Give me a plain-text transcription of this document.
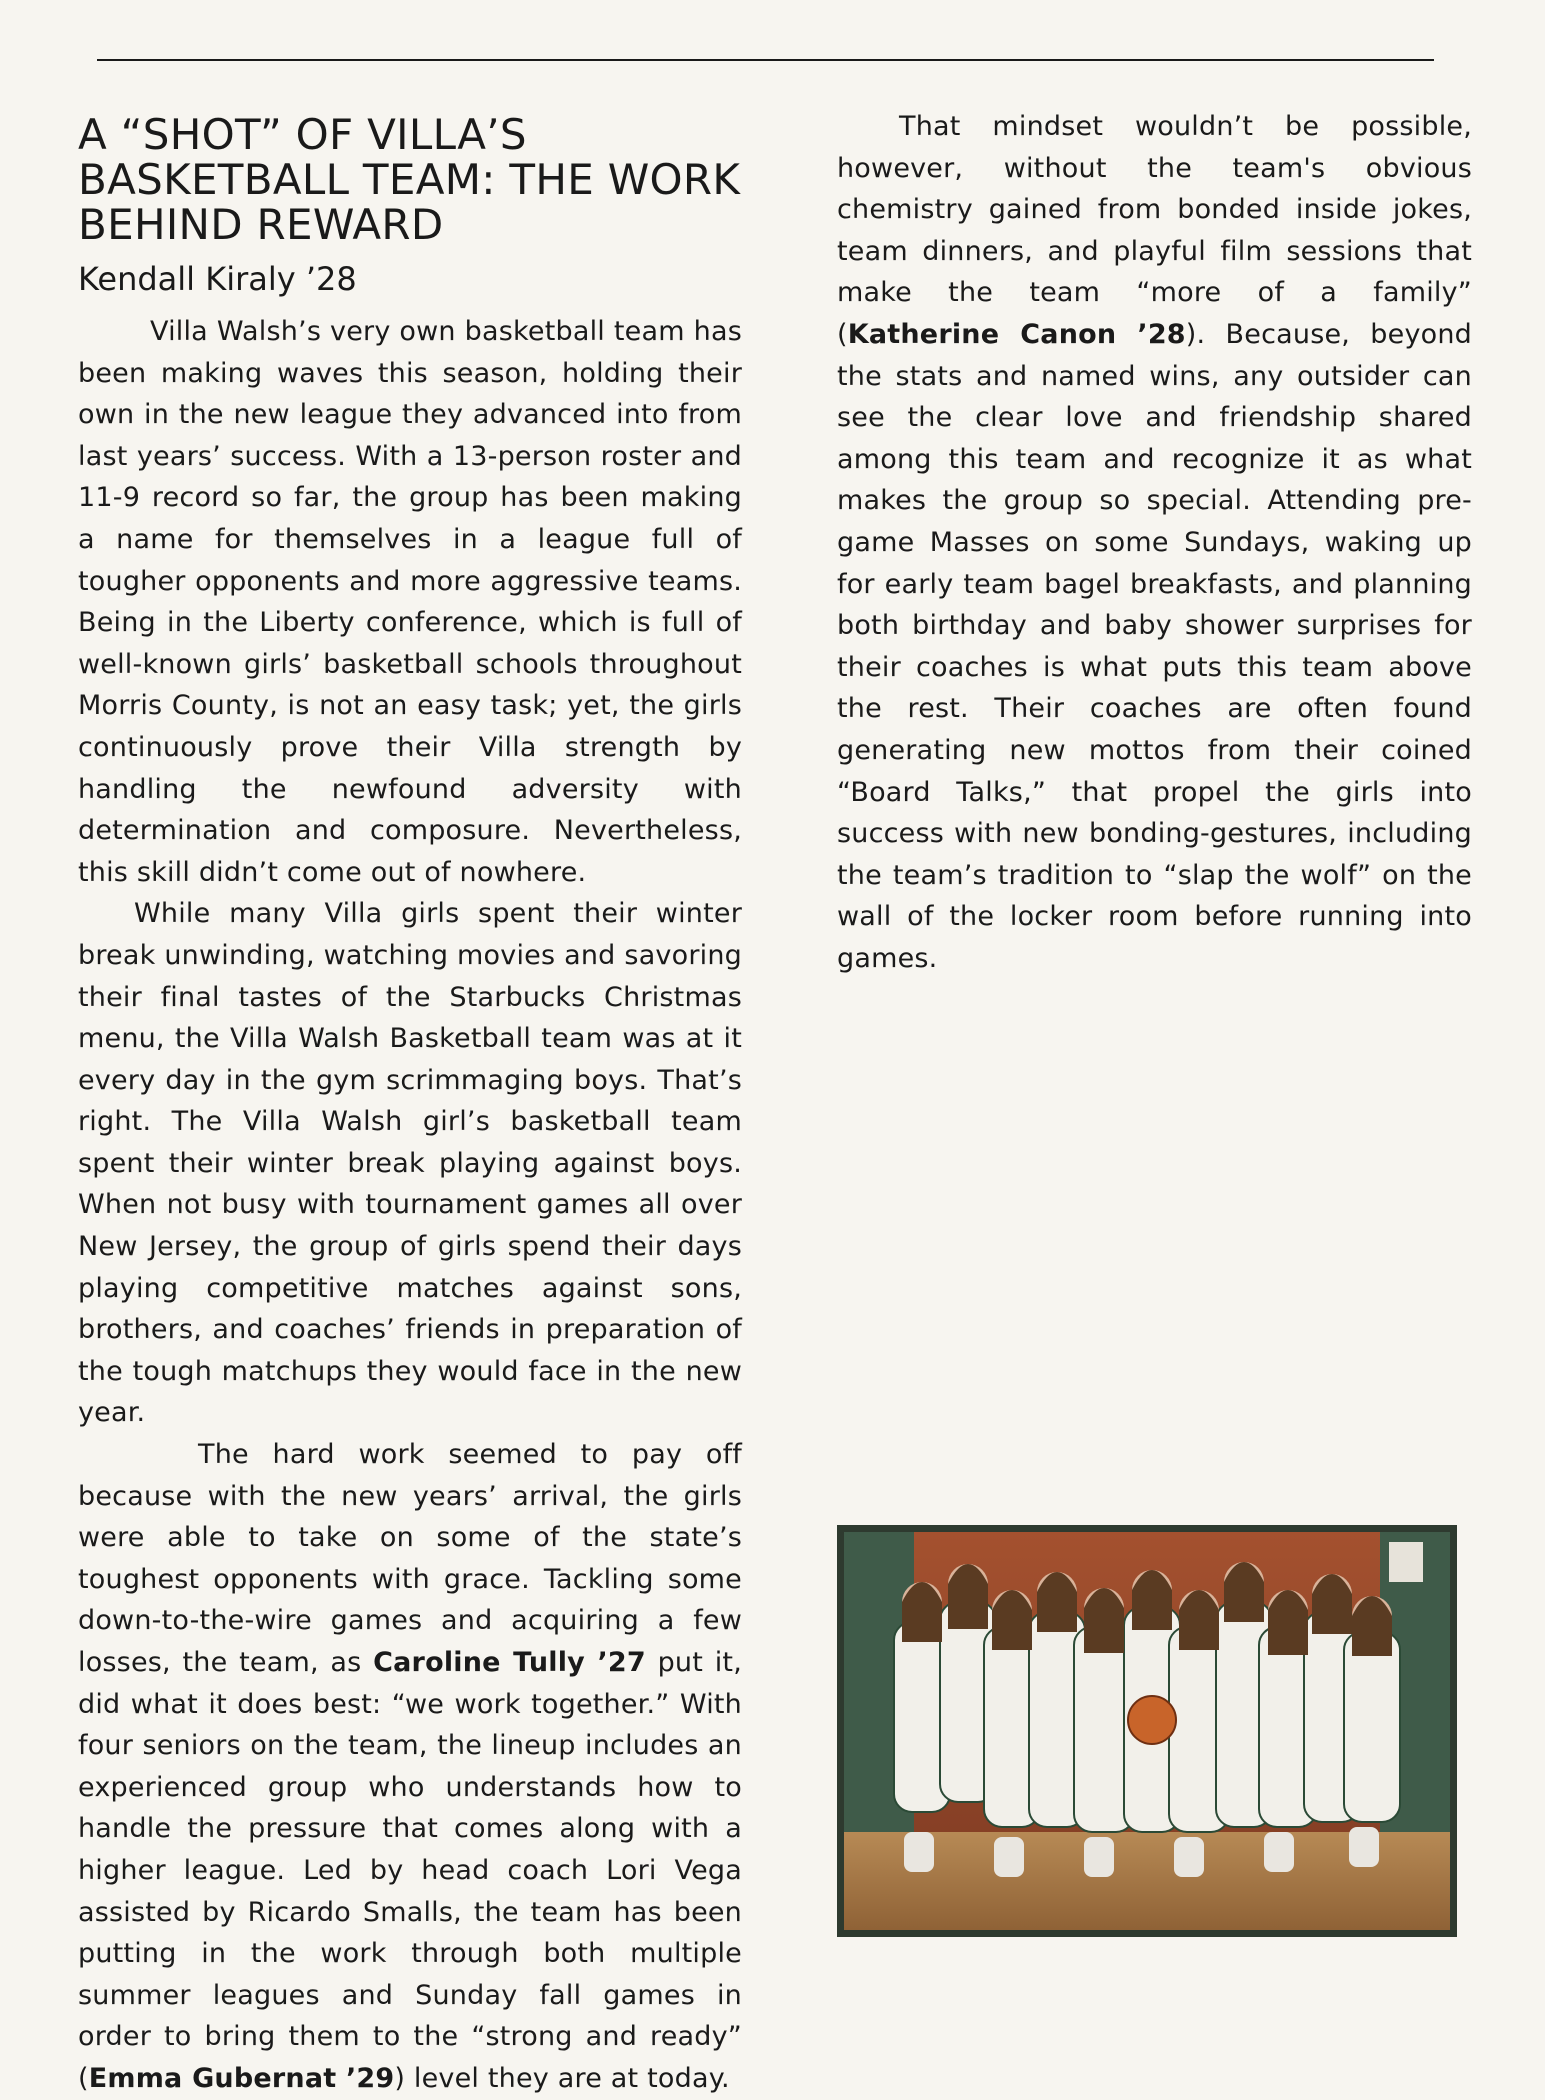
A “SHOT” OF VILLA’S BASKETBALL TEAM: THE WORK BEHIND REWARD
Kendall Kiraly ’28

Villa Walsh’s very own basketball team has been making waves this season, holding their own in the new league they advanced into from last years’ success. With a 13-person roster and 11-9 record so far, the group has been making a name for themselves in a league full of tougher opponents and more aggressive teams. Being in the Liberty conference, which is full of well-known girls’ basketball schools throughout Morris County, is not an easy task; yet, the girls continuously prove their Villa strength by handling the newfound adversity with determination and composure. Nevertheless, this skill didn’t come out of nowhere.

While many Villa girls spent their winter break unwinding, watching movies and savoring their final tastes of the Starbucks Christmas menu, the Villa Walsh Basketball team was at it every day in the gym scrimmaging boys. That’s right. The Villa Walsh girl’s basketball team spent their winter break playing against boys. When not busy with tournament games all over New Jersey, the group of girls spend their days playing competitive matches against sons, brothers, and coaches’ friends in preparation of the tough matchups they would face in the new year.

The hard work seemed to pay off because with the new years’ arrival, the girls were able to take on some of the state’s toughest opponents with grace. Tackling some down-to-the-wire games and acquiring a few losses, the team, as Caroline Tully ’27 put it, did what it does best: “we work together.” With four seniors on the team, the lineup includes an experienced group who understands how to handle the pressure that comes along with a higher league. Led by head coach Lori Vega assisted by Ricardo Smalls, the team has been putting in the work through both multiple summer leagues and Sunday fall games in order to bring them to the “strong and ready” (Emma Gubernat ’29) level they are at today.

That mindset wouldn’t be possible, however, without the team's obvious chemistry gained from bonded inside jokes, team dinners, and playful film sessions that make the team “more of a family” (Katherine Canon ’28). Because, beyond the stats and named wins, any outsider can see the clear love and friendship shared among this team and recognize it as what makes the group so special. Attending pre-game Masses on some Sundays, waking up for early team bagel breakfasts, and planning both birthday and baby shower surprises for their coaches is what puts this team above the rest. Their coaches are often found generating new mottos from their coined “Board Talks,” that propel the girls into success with new bonding-gestures, including the team’s tradition to “slap the wolf” on the wall of the locker room before running into games.
